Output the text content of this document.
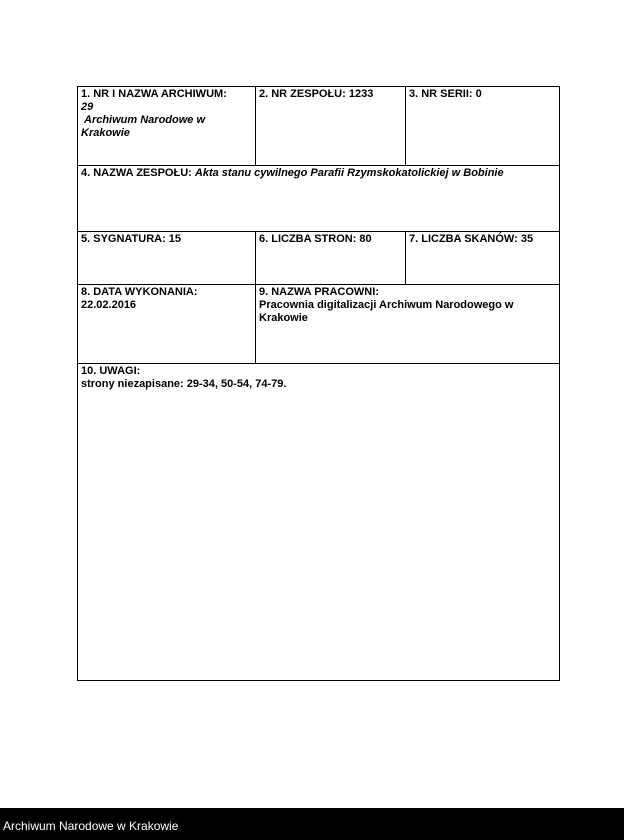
1. NR I NAZWA ARCHIWUM:
29
Archiwum Narodowe w
Krakowie
2. NR ZESPOŁU: 1233	3. NR SERII: 0
4. NAZWA ZESPOŁU: Akta stanu cywilnego Parafii Rzymskokatolickiej w Bobinie
5. SYGNATURA: 15	6. LICZBA STRON: 80	7. LICZBA SKANÓW: 35
8. DATA WYKONANIA:
22.02.2016
9. NAZWA PRACOWNI:
Pracownia digitalizacji Archiwum Narodowego w
Krakowie
10. UWAGI:
strony niezapisane: 29-34, 50-54, 74-79.
Archiwum Narodowe w Krakowie
